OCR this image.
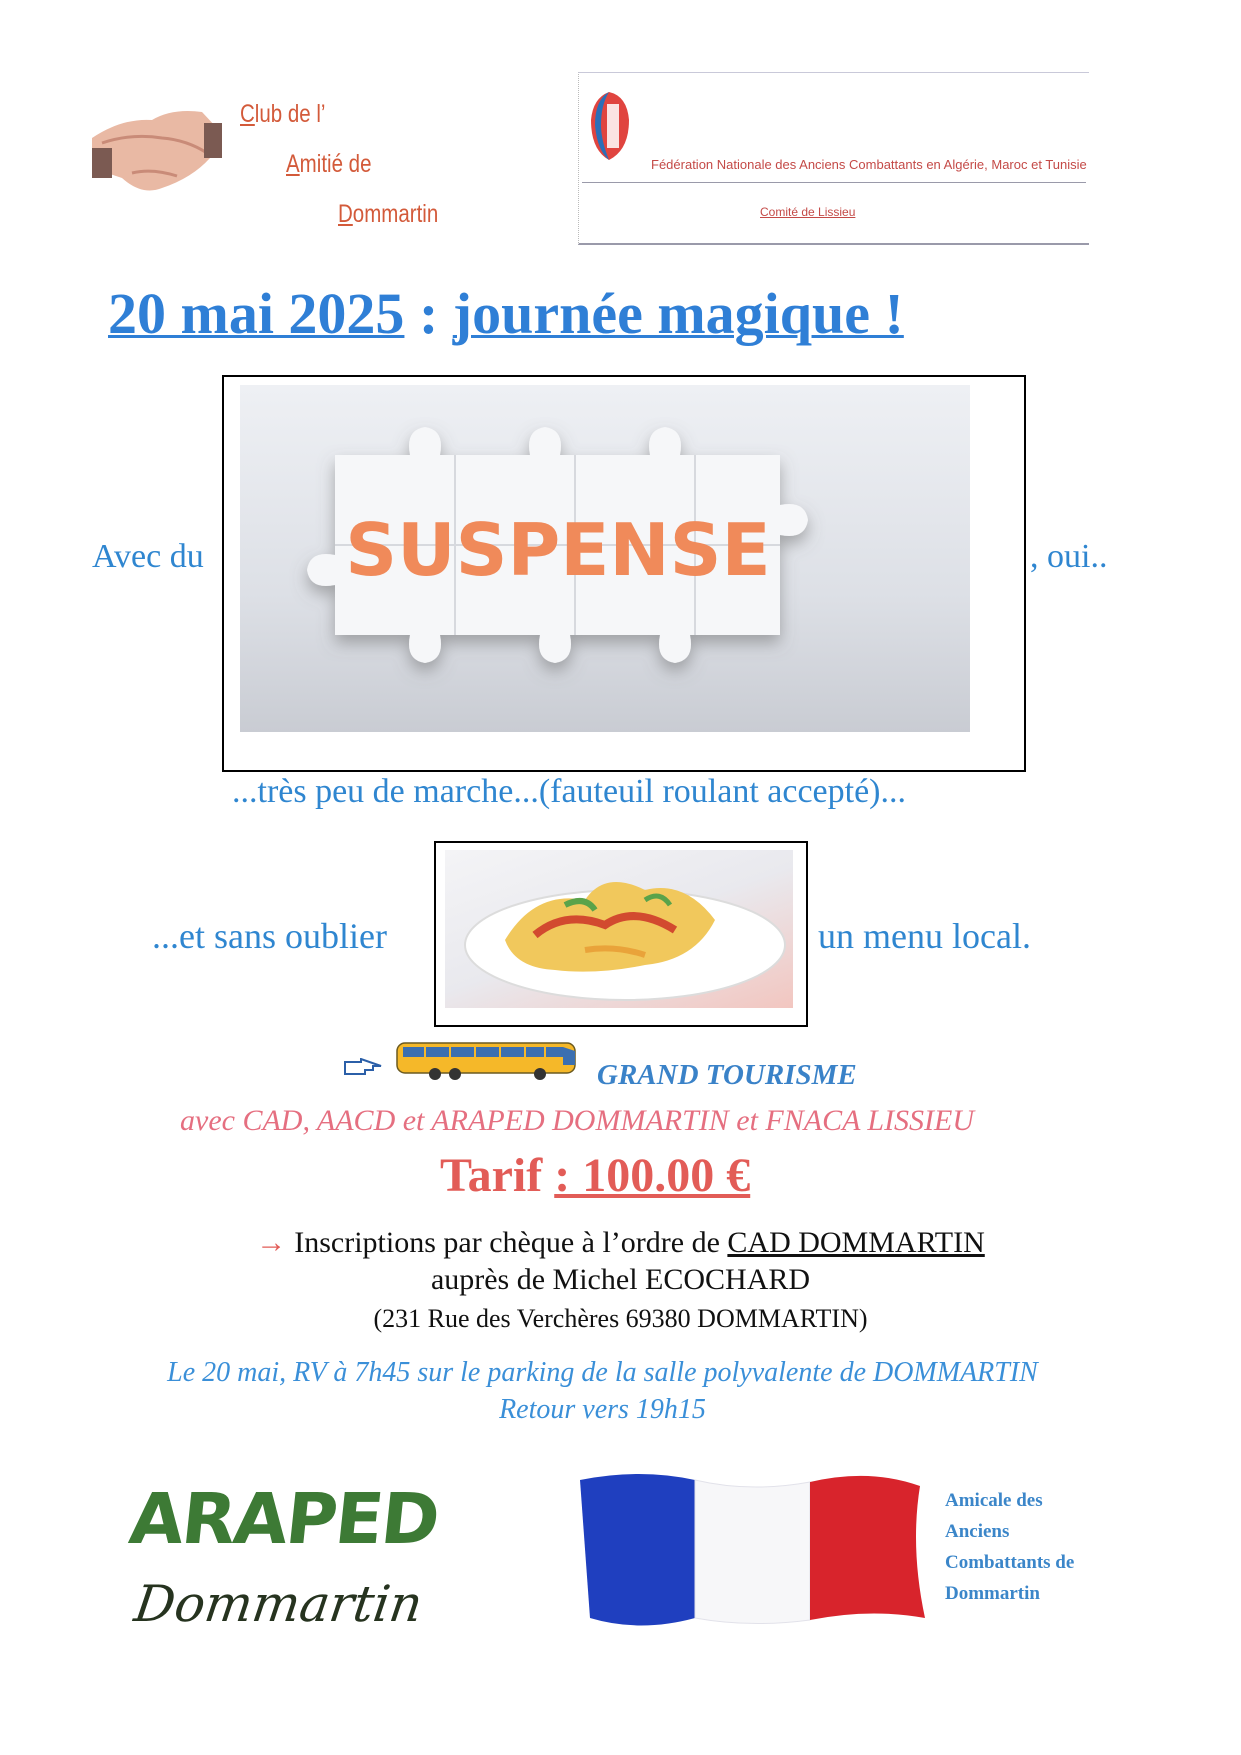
Club de l’
Amitié de
Dommartin
Fédération Nationale des Anciens Combattants en Algérie, Maroc et Tunisie
Comité de Lissieu
20 mai 2025 : journée magique !
SUSPENSE
Avec du	, oui..
...très peu de marche...(fauteuil roulant accepté)...
...et sans oublier	un menu local.
GRAND TOURISME
avec CAD, AACD et ARAPED DOMMARTIN et FNACA LISSIEU
Tarif : 100.00 €
→ Inscriptions par chèque à l’ordre de CAD DOMMARTIN
auprès de Michel ECOCHARD
(231 Rue des Verchères 69380 DOMMARTIN)
Le 20 mai, RV à 7h45 sur le parking de la salle polyvalente de DOMMARTIN
Retour vers 19h15
ARAPED
Dommartin
Amicale des
Anciens
Combattants de
Dommartin
